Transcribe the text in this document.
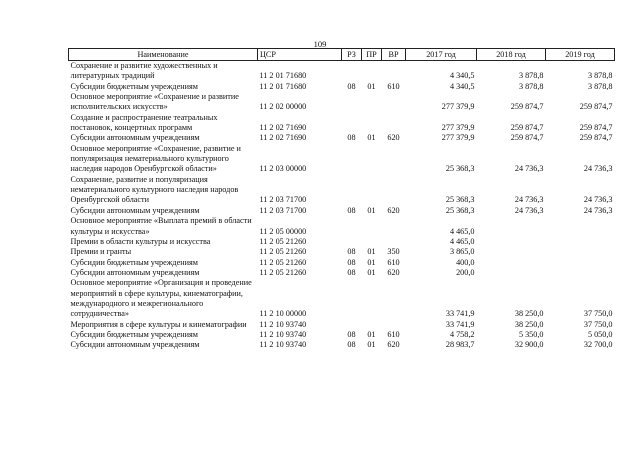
109
Наименование	ЦСР	РЗ	ПР	ВР	2017 год	2018 год	2019 год
Сохранение и развитие художественных и литературных традиций	11 2 01 71680				4 340,5	3 878,8	3 878,8
Субсидии бюджетным учреждениям	11 2 01 71680	08	01	610	4 340,5	3 878,8	3 878,8
Основное мероприятие «Сохранение и развитие исполнительских искусств»	11 2 02 00000				277 379,9	259 874,7	259 874,7
Создание и распространение театральных постановок, концертных программ	11 2 02 71690				277 379,9	259 874,7	259 874,7
Субсидии автономным учреждениям	11 2 02 71690	08	01	620	277 379,9	259 874,7	259 874,7
Основное мероприятие «Сохранение, развитие и популяризация нематериального культурного наследия народов Оренбургской области»	11 2 03 00000				25 368,3	24 736,3	24 736,3
Сохранение, развитие и популяризация нематериального культурного наследия народов Оренбургской области	11 2 03 71700				25 368,3	24 736,3	24 736,3
Субсидии автономным учреждениям	11 2 03 71700	08	01	620	25 368,3	24 736,3	24 736,3
Основное мероприятие «Выплата премий в области культуры и искусства»	11 2 05 00000				4 465,0		
Премии в области культуры и искусства	11 2 05 21260				4 465,0		
Премии и гранты	11 2 05 21260	08	01	350	3 865,0		
Субсидии бюджетным учреждениям	11 2 05 21260	08	01	610	400,0		
Субсидии автономным учреждениям	11 2 05 21260	08	01	620	200,0		
Основное мероприятие «Организация и проведение мероприятий в сфере культуры, кинематографии, международного и межрегионального сотрудничества»	11 2 10 00000				33 741,9	38 250,0	37 750,0
Мероприятия в сфере культуры и кинематографии	11 2 10 93740				33 741,9	38 250,0	37 750,0
Субсидии бюджетным учреждениям	11 2 10 93740	08	01	610	4 758,2	5 350,0	5 050,0
Субсидии автономным учреждениям	11 2 10 93740	08	01	620	28 983,7	32 900,0	32 700,0
